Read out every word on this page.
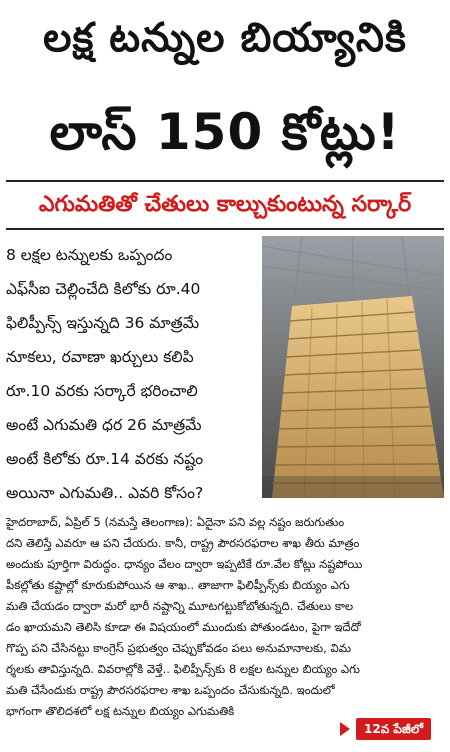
లక్ష టన్నుల బియ్యానికి
లాస్ 150 కోట్లు!
ఎగుమతితో చేతులు కాల్చుకుంటున్న సర్కార్
8 లక్షల టన్నులకు ఒప్పందం
ఎఫ్‌సీఐ చెల్లించేది కిలోకు రూ.40
ఫిలిప్పీన్స్ ఇస్తున్నది 36 మాత్రమే
నూకలు, రవాణా ఖర్చులు కలిపి
రూ.10 వరకు సర్కారే భరించాలి
అంటే ఎగుమతి ధర 26 మాత్రమే
అంటే కిలోకు రూ.14 వరకు నష్టం
అయినా ఎగుమతి.. ఎవరి కోసం?
హైదరాబాద్, ఏప్రిల్ 5 (నమస్తే తెలంగాణ): ఏదైనా పని వల్ల నష్టం జరుగుతుం
దని తెలిస్తే ఎవరూ ఆ పని చేయరు. కానీ, రాష్ట్ర పౌరసరఫరాల శాఖ తీరు మాత్రం
అందుకు పూర్తిగా విరుద్ధం. ధాన్యం వేలం ద్వారా ఇప్పటికే రూ.వేల కోట్లు నష్టపోయి
పీకల్లోతు కష్టాల్లో కూరుకుపోయిన ఆ శాఖ.. తాజాగా ఫిలిప్పీన్స్‌కు బియ్యం ఎగు
మతి చేయడం ద్వారా మరో భారీ నష్టాన్ని మూటగట్టుకోబోతున్నది. చేతులు కాల
డం ఖాయమని తెలిసి కూడా ఈ విషయంలో ముందుకు పోతుండటం, పైగా ఇదేదో
గొప్ప పని చేసినట్టు కాంగ్రెస్ ప్రభుత్వం చెప్పుకోవడం పలు అనుమానాలకు, విమ
ర్శలకు తావిస్తున్నది. వివరాల్లోకి వెళ్తే.. ఫిలిప్పీన్స్‌కు 8 లక్షల టన్నుల బియ్యం ఎగు
మతి చేసేందుకు రాష్ట్ర పౌరసరఫరాల శాఖ ఒప్పందం చేసుకున్నది. ఇందులో
భాగంగా తొలిదశలో లక్ష టన్నుల బియ్యం ఎగుమతికి
12వ పేజీలో
